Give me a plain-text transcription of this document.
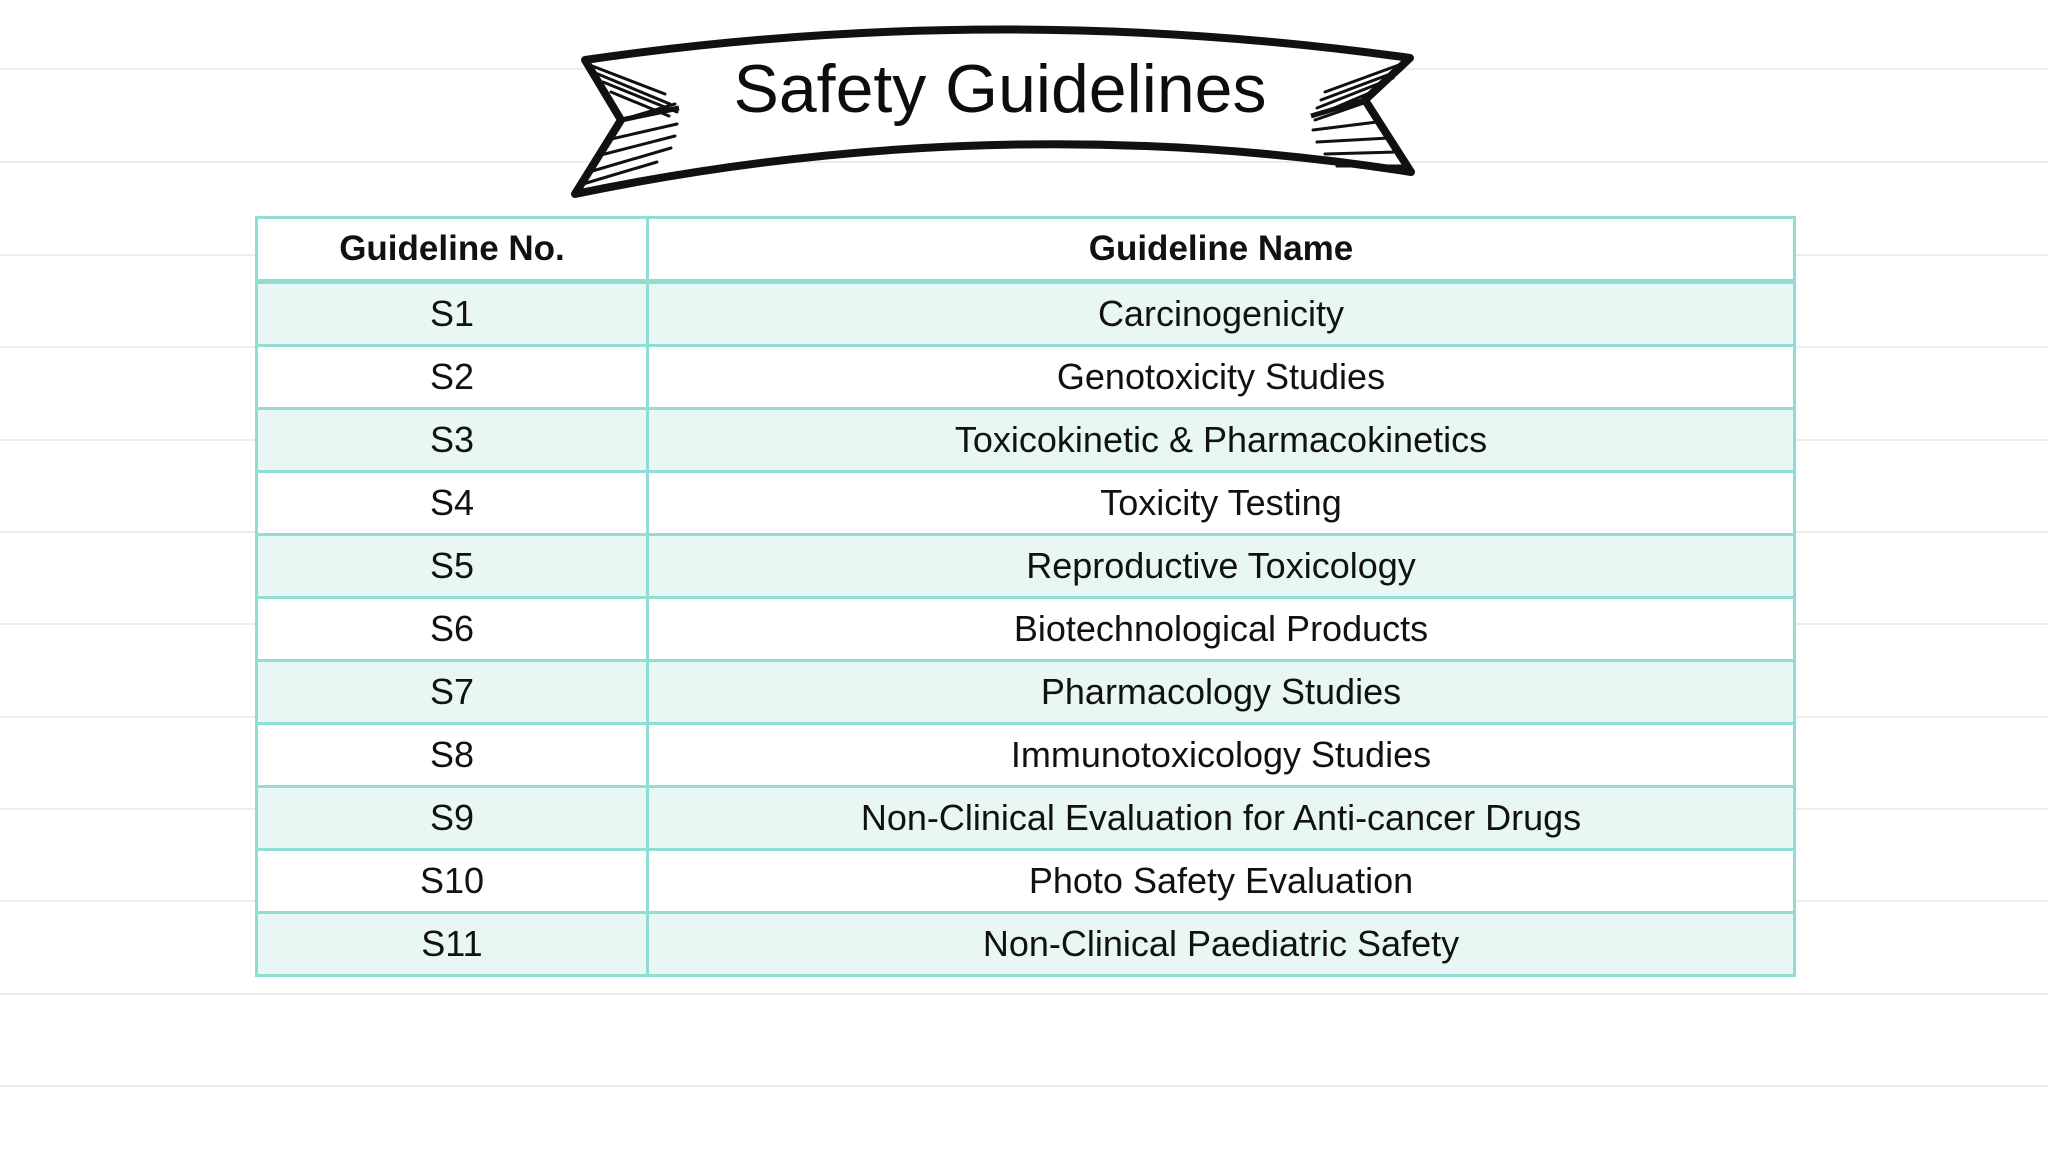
Safety Guidelines
Guideline No.	Guideline Name
S1	Carcinogenicity
S2	Genotoxicity Studies
S3	Toxicokinetic & Pharmacokinetics
S4	Toxicity Testing
S5	Reproductive Toxicology
S6	Biotechnological Products
S7	Pharmacology Studies
S8	Immunotoxicology Studies
S9	Non-Clinical Evaluation for Anti-cancer Drugs
S10	Photo Safety Evaluation
S11	Non-Clinical Paediatric Safety
